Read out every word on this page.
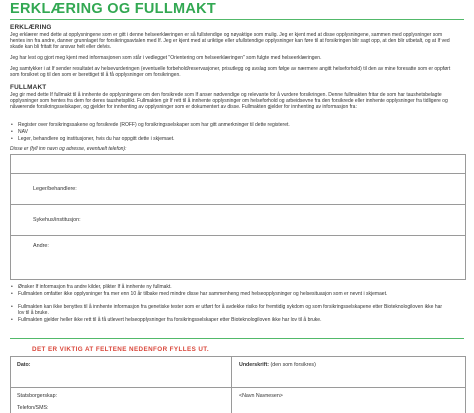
ERKLÆRING OG FULLMAKT
ERKLÆRING
Jeg erklærer med dette at opplysningene som er gitt i denne helseerklæringen er så fullstendige og nøyaktige som mulig. Jeg er kjent med at disse opplysningene, sammen med opplysninger som hentes inn fra andre, danner grunnlaget for forsikringsavtalen med If. Jeg er kjent med at uriktige eller ufullstendige opplysninger kan føre til at forsikringen blir sagt opp, at den blir utbetalt, og at If ved skade kan bli fritatt for ansvar helt eller delvis.
Jeg har lest og gjort meg kjent med informasjonen som står i vedlegget "Orientering om helseerklæringen" som fulgte med helseerklæringen.
Jeg samtykker i at If sender resultatet av helsevurderingen (eventuelle forbehold/reservasjoner, prisutlegg og avslag som følge av nærmere angitt helseforhold) til den av mine foresatte som er oppført som forsikret og til den som er berettiget til å få opplysninger om forsikringen.
FULLMAKT
Jeg gir med dette If fullmakt til å innhente de opplysningene om den forsikrede som If anser nødvendige og relevante for å vurdere forsikringen. Denne fullmakten fritar de som har taushetsbelagte opplysninger som hentes fra dem for deres taushetsplikt. Fullmakten gir If rett til å innhente opplysninger om helseforhold og arbeidsevne fra den forsikrede eller innhente opplysninger fra tidligere og nåværende forsikringsselskaper, og gjelder for innhenting av opplysninger som er dokumentert av disse. Fullmakten gjelder for innhenting av informasjon fra:
• Register over forsikringssakene og forsikrede (ROFF) og forsikringsselskaper som har gitt anmerkninger til dette registeret.
• NAV
• Leger, behandlere og institusjoner, hvis du har oppgitt dette i skjemaet.
Disse er (fyll inn navn og adresse, eventuelt telefon):
Leger/behandlere:
Sykehus/institusjon:
Andre:
• Ønsker If informasjon fra andre kilder, plikter If å innhente ny fullmakt.
• Fullmakten omfatter ikke opplysninger fra mer enn 10 år tilbake med mindre disse har sammenheng med helseopplysninger og helsesituasjon som er nevnt i skjemaet.
• Fullmakten kan ikke benyttes til å innhente informasjon fra genetiske tester som er utført for å avdekke risiko for fremtidig sykdom og som forsikringsselskapene etter Bioteknologiloven ikke har lov til å bruke.
• Fullmakten gjelder heller ikke rett til å få utlevert helseopplysninger fra forsikringsselskaper etter Bioteknologiloven ikke har lov til å bruke.
DET ER VIKTIG AT FELTENE NEDENFOR FYLLES UT.
Dato:	Underskrift: (den som forsikres)
Statsborgerskap:	<Navn Navnesen>
Telefon/SMS:
